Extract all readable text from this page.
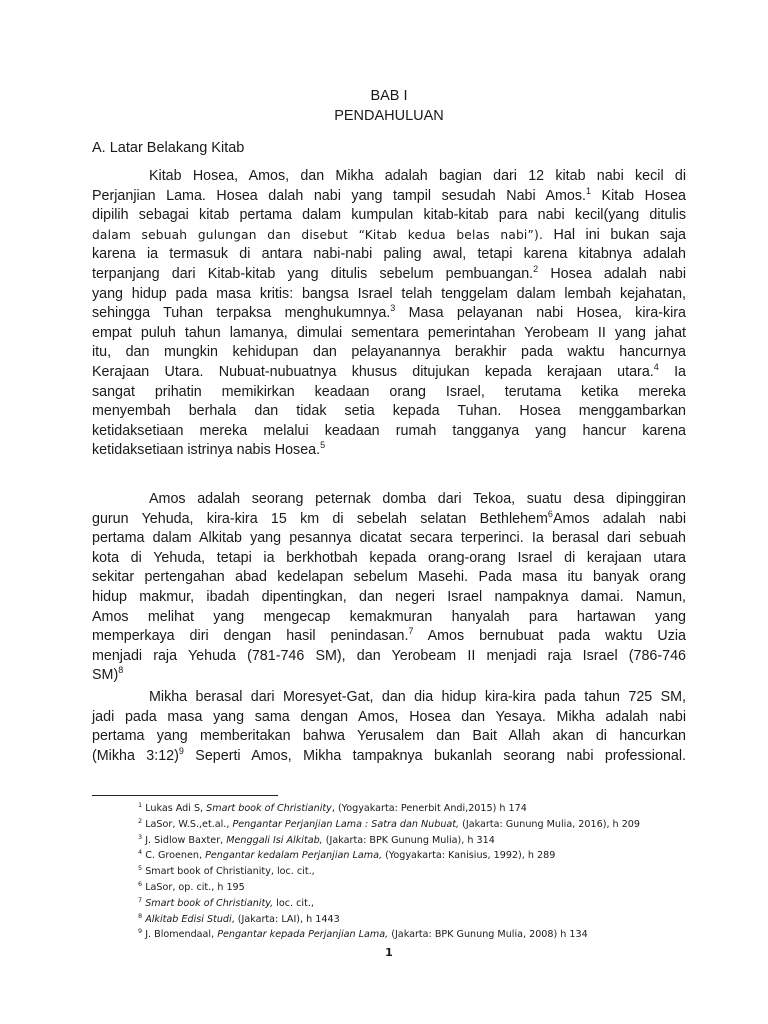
BAB I
PENDAHULUAN
A. Latar Belakang Kitab
Kitab Hosea, Amos, dan Mikha adalah bagian dari 12 kitab nabi kecil di
Perjanjian Lama. Hosea dalah nabi yang tampil sesudah Nabi Amos.$^1$ Kitab Hosea
dipilih sebagai kitab pertama dalam kumpulan kitab-kitab para nabi kecil(yang ditulis
dalam sebuah gulungan dan disebut “Kitab kedua belas nabi”). Hal ini bukan saja
karena ia termasuk di antara nabi-nabi paling awal, tetapi karena kitabnya adalah
terpanjang dari Kitab-kitab yang ditulis sebelum pembuangan.$^2$ Hosea adalah nabi
yang hidup pada masa kritis: bangsa Israel telah tenggelam dalam lembah kejahatan,
sehingga Tuhan terpaksa menghukumnya.$^3$ Masa pelayanan nabi Hosea, kira-kira
empat puluh tahun lamanya, dimulai sementara pemerintahan Yerobeam II yang jahat
itu, dan mungkin kehidupan dan pelayanannya berakhir pada waktu hancurnya
Kerajaan Utara. Nubuat-nubuatnya khusus ditujukan kepada kerajaan utara.$^4$ Ia
sangat prihatin memikirkan keadaan orang Israel, terutama ketika mereka
menyembah berhala dan tidak setia kepada Tuhan. Hosea menggambarkan
ketidaksetiaan mereka melalui keadaan rumah tangganya yang hancur karena
ketidaksetiaan istrinya nabis Hosea.$^5$
Amos adalah seorang peternak domba dari Tekoa, suatu desa dipinggiran
gurun Yehuda, kira-kira 15 km di sebelah selatan Bethlehem$^6$Amos adalah nabi
pertama dalam Alkitab yang pesannya dicatat secara terperinci. Ia berasal dari sebuah
kota di Yehuda, tetapi ia berkhotbah kepada orang-orang Israel di kerajaan utara
sekitar pertengahan abad kedelapan sebelum Masehi. Pada masa itu banyak orang
hidup makmur, ibadah dipentingkan, dan negeri Israel nampaknya damai. Namun,
Amos melihat yang mengecap kemakmuran hanyalah para hartawan yang
memperkaya diri dengan hasil penindasan.$^7$ Amos bernubuat pada waktu Uzia
menjadi raja Yehuda (781-746 SM), dan Yerobeam II menjadi raja Israel (786-746
SM)$^8$
Mikha berasal dari Moresyet-Gat, dan dia hidup kira-kira pada tahun 725 SM,
jadi pada masa yang sama dengan Amos, Hosea dan Yesaya. Mikha adalah nabi
pertama yang memberitakan bahwa Yerusalem dan Bait Allah akan di hancurkan
(Mikha 3:12)$^9$ Seperti Amos, Mikha tampaknya bukanlah seorang nabi professional.
$^1$ Lukas Adi S, Smart book of Christianity, (Yogyakarta: Penerbit Andi,2015) h 174
$^2$ LaSor, W.S.,et.al., Pengantar Perjanjian Lama : Satra dan Nubuat, (Jakarta: Gunung Mulia, 2016), h 209
$^3$ J. Sidlow Baxter, Menggali Isi Alkitab, (Jakarta: BPK Gunung Mulia), h 314
$^4$ C. Groenen, Pengantar kedalam Perjanjian Lama, (Yogyakarta: Kanisius, 1992), h 289
$^5$ Smart book of Christianity, loc. cit.,
$^6$ LaSor, op. cit., h 195
$^7$ Smart book of Christianity, loc. cit.,
$^8$ Alkitab Edisi Studi, (Jakarta: LAI), h 1443
$^9$ J. Blomendaal, Pengantar kepada Perjanjian Lama, (Jakarta: BPK Gunung Mulia, 2008) h 134
1
